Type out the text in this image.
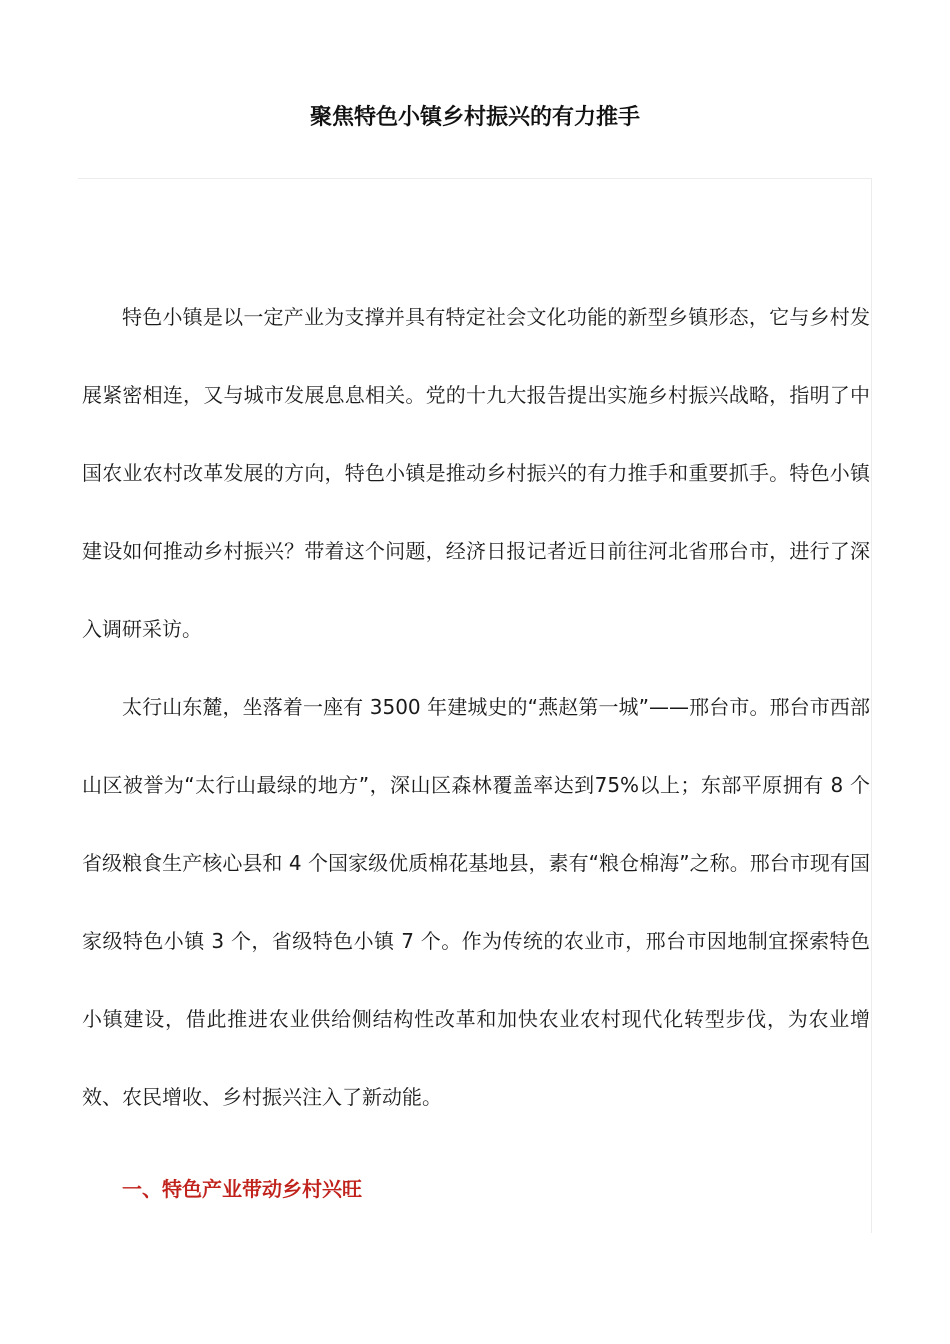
聚焦特色小镇乡村振兴的有力推手

特色小镇是以一定产业为支撑并具有特定社会文化功能的新型乡镇形态，它与乡村发展紧密相连，又与城市发展息息相关。党的十九大报告提出实施乡村振兴战略，指明了中国农业农村改革发展的方向，特色小镇是推动乡村振兴的有力推手和重要抓手。特色小镇建设如何推动乡村振兴？带着这个问题，经济日报记者近日前往河北省邢台市，进行了深入调研采访。

太行山东麓，坐落着一座有 3500 年建城史的“燕赵第一城”——邢台市。邢台市西部山区被誉为“太行山最绿的地方”，深山区森林覆盖率达到75%以上；东部平原拥有 8 个省级粮食生产核心县和 4 个国家级优质棉花基地县，素有“粮仓棉海”之称。邢台市现有国家级特色小镇 3 个，省级特色小镇 7 个。作为传统的农业市，邢台市因地制宜探索特色小镇建设，借此推进农业供给侧结构性改革和加快农业农村现代化转型步伐，为农业增效、农民增收、乡村振兴注入了新动能。

一、特色产业带动乡村兴旺
